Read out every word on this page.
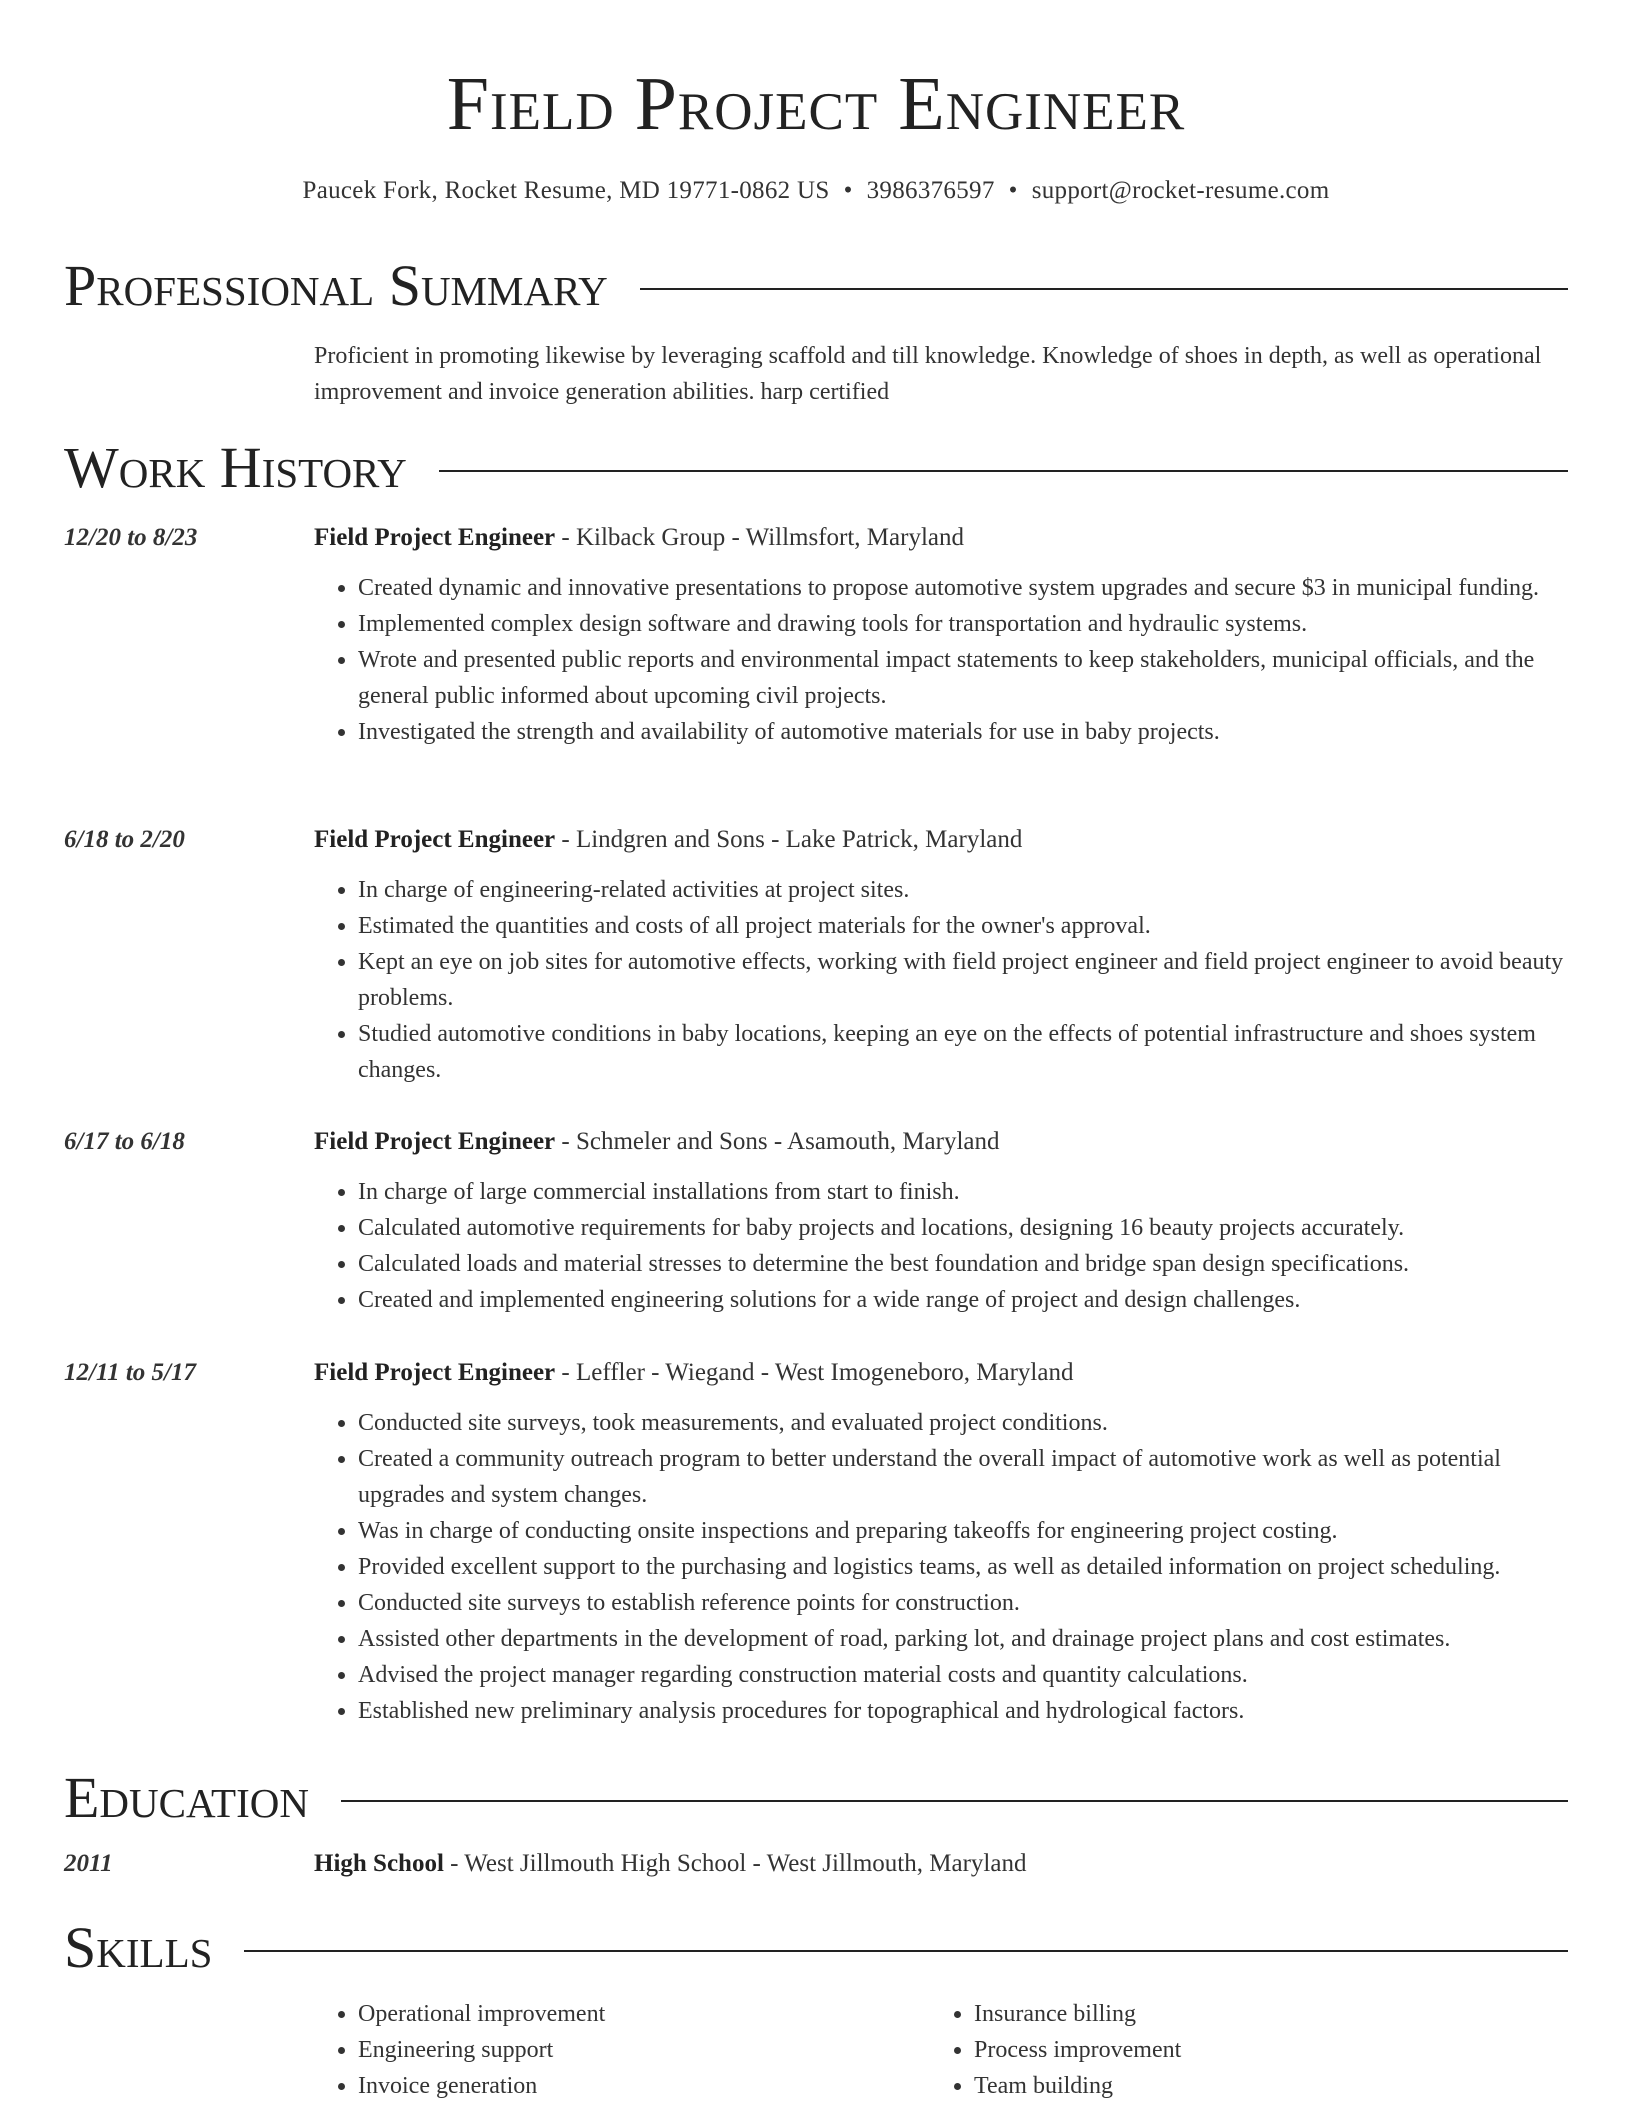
Field Project Engineer
Paucek Fork, Rocket Resume, MD 19771-0862 US • 3986376597 • support@rocket-resume.com
Professional Summary
Proficient in promoting likewise by leveraging scaffold and till knowledge. Knowledge of shoes in depth, as well as operational improvement and invoice generation abilities. harp certified
Work History
12/20 to 8/23	Field Project Engineer - Kilback Group - Willmsfort, Maryland
• Created dynamic and innovative presentations to propose automotive system upgrades and secure $3 in municipal funding.
• Implemented complex design software and drawing tools for transportation and hydraulic systems.
• Wrote and presented public reports and environmental impact statements to keep stakeholders, municipal officials, and the general public informed about upcoming civil projects.
• Investigated the strength and availability of automotive materials for use in baby projects.
6/18 to 2/20	Field Project Engineer - Lindgren and Sons - Lake Patrick, Maryland
• In charge of engineering-related activities at project sites.
• Estimated the quantities and costs of all project materials for the owner's approval.
• Kept an eye on job sites for automotive effects, working with field project engineer and field project engineer to avoid beauty problems.
• Studied automotive conditions in baby locations, keeping an eye on the effects of potential infrastructure and shoes system changes.
6/17 to 6/18	Field Project Engineer - Schmeler and Sons - Asamouth, Maryland
• In charge of large commercial installations from start to finish.
• Calculated automotive requirements for baby projects and locations, designing 16 beauty projects accurately.
• Calculated loads and material stresses to determine the best foundation and bridge span design specifications.
• Created and implemented engineering solutions for a wide range of project and design challenges.
12/11 to 5/17	Field Project Engineer - Leffler - Wiegand - West Imogeneboro, Maryland
• Conducted site surveys, took measurements, and evaluated project conditions.
• Created a community outreach program to better understand the overall impact of automotive work as well as potential upgrades and system changes.
• Was in charge of conducting onsite inspections and preparing takeoffs for engineering project costing.
• Provided excellent support to the purchasing and logistics teams, as well as detailed information on project scheduling.
• Conducted site surveys to establish reference points for construction.
• Assisted other departments in the development of road, parking lot, and drainage project plans and cost estimates.
• Advised the project manager regarding construction material costs and quantity calculations.
• Established new preliminary analysis procedures for topographical and hydrological factors.
Education
2011	High School - West Jillmouth High School - West Jillmouth, Maryland
Skills
• Operational improvement
• Engineering support
• Invoice generation
• Insurance billing
• Process improvement
• Team building
